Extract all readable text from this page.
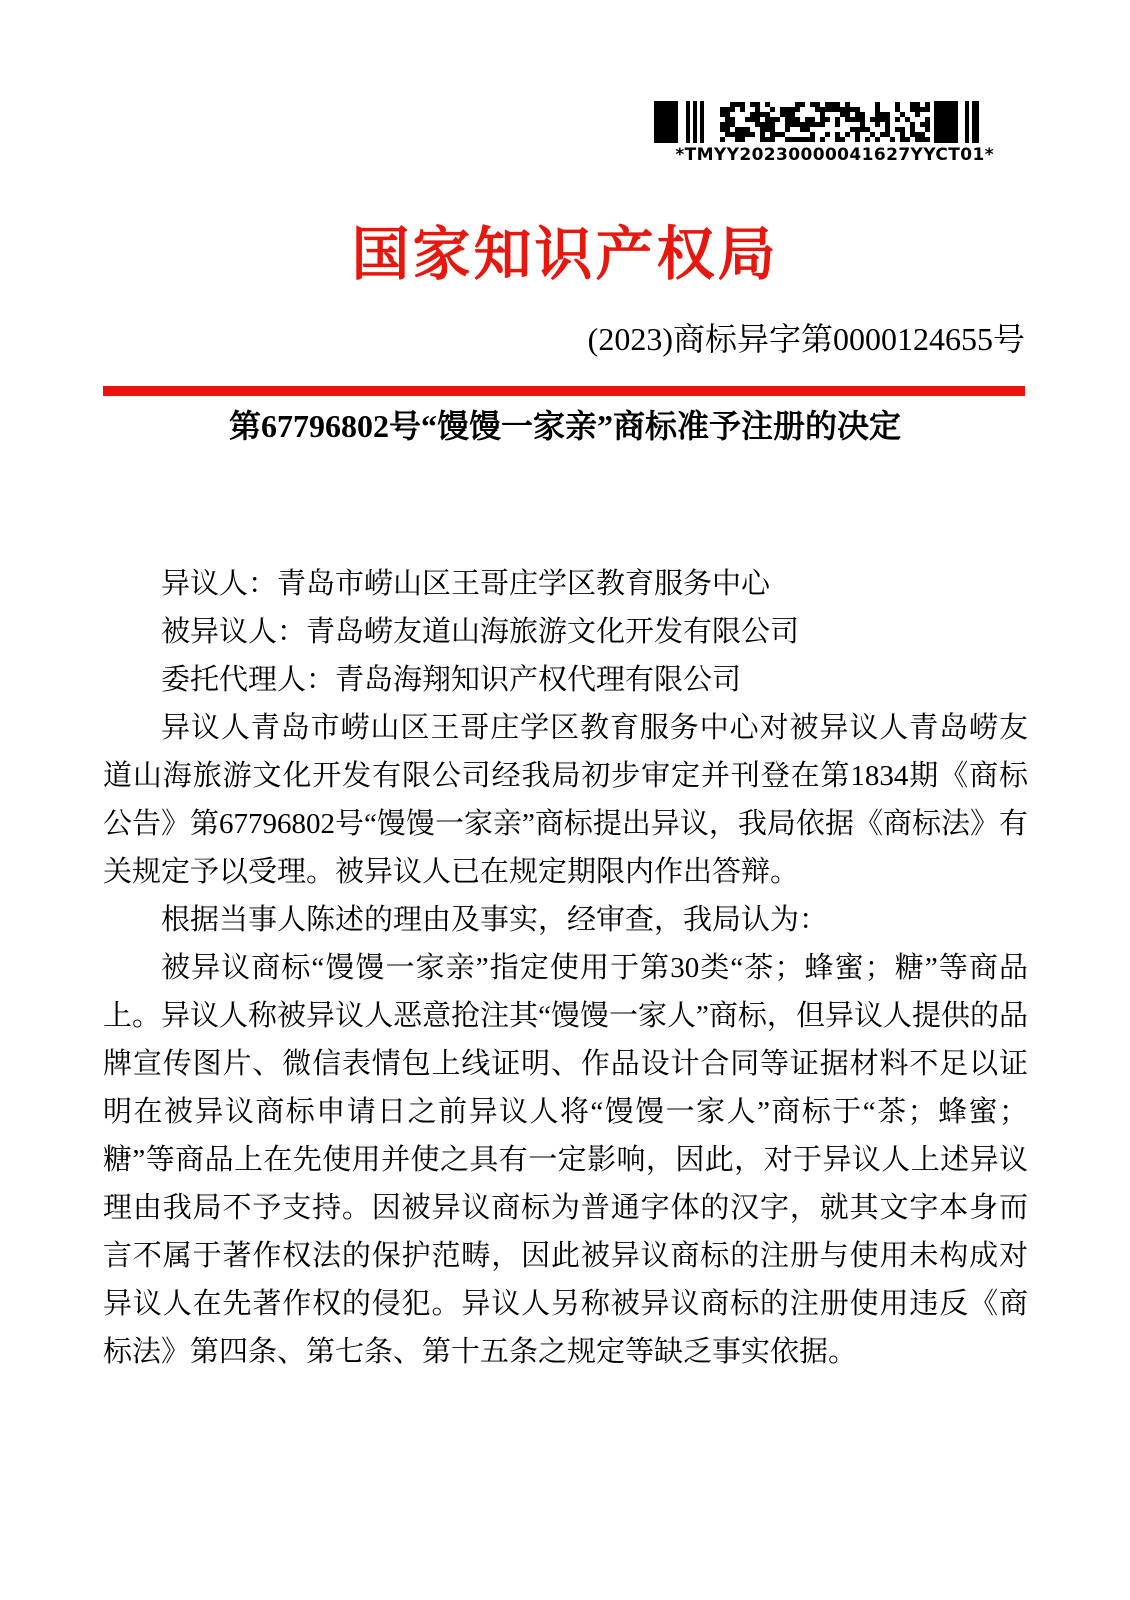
*TMYY20230000041627YYCT01*
国家知识产权局
(2023)商标异字第0000124655号
第67796802号“馒馒一家亲”商标准予注册的决定

异议人：青岛市崂山区王哥庄学区教育服务中心

被异议人：青岛崂友道山海旅游文化开发有限公司

委托代理人：青岛海翔知识产权代理有限公司

异议人青岛市崂山区王哥庄学区教育服务中心对被异议人青岛崂友道山海旅游文化开发有限公司经我局初步审定并刊登在第1834期《商标公告》第67796802号“馒馒一家亲”商标提出异议，我局依据《商标法》有关规定予以受理。被异议人已在规定期限内作出答辩。

根据当事人陈述的理由及事实，经审查，我局认为：

被异议商标“馒馒一家亲”指定使用于第30类“茶；蜂蜜；糖”等商品上。异议人称被异议人恶意抢注其“馒馒一家人”商标，但异议人提供的品牌宣传图片、微信表情包上线证明、作品设计合同等证据材料不足以证明在被异议商标申请日之前异议人将“馒馒一家人”商标于“茶；蜂蜜；糖”等商品上在先使用并使之具有一定影响，因此，对于异议人上述异议理由我局不予支持。因被异议商标为普通字体的汉字，就其文字本身而言不属于著作权法的保护范畴，因此被异议商标的注册与使用未构成对异议人在先著作权的侵犯。异议人另称被异议商标的注册使用违反《商标法》第四条、第七条、第十五条之规定等缺乏事实依据。
